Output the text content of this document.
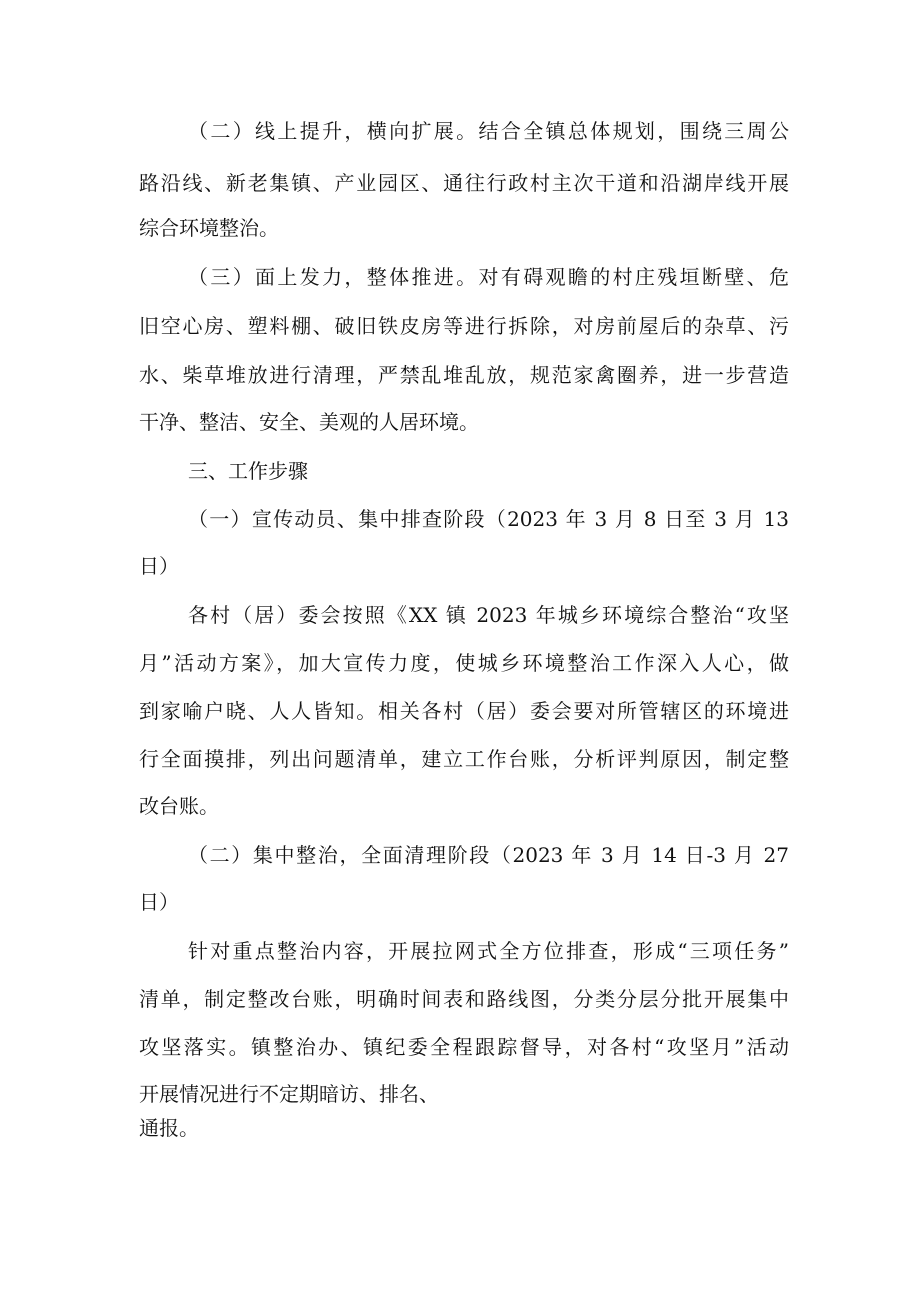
（二）线上提升，横向扩展。结合全镇总体规划，围绕三周公
路沿线、新老集镇、产业园区、通往行政村主次干道和沿湖岸线开展
综合环境整治。
（三）面上发力，整体推进。对有碍观瞻的村庄残垣断壁、危
旧空心房、塑料棚、破旧铁皮房等进行拆除，对房前屋后的杂草、污
水、柴草堆放进行清理，严禁乱堆乱放，规范家禽圈养，进一步营造
干净、整洁、安全、美观的人居环境。
三、工作步骤
（一）宣传动员、集中排查阶段（2023 年 3 月 8 日至 3 月 13
日）
各村（居）委会按照《XX 镇 2023 年城乡环境综合整治“攻坚
月”活动方案》，加大宣传力度，使城乡环境整治工作深入人心，做
到家喻户晓、人人皆知。相关各村（居）委会要对所管辖区的环境进
行全面摸排，列出问题清单，建立工作台账，分析评判原因，制定整
改台账。
（二）集中整治，全面清理阶段（2023 年 3 月 14 日-3 月 27
日）
针对重点整治内容，开展拉网式全方位排查，形成“三项任务”
清单，制定整改台账，明确时间表和路线图，分类分层分批开展集中
攻坚落实。镇整治办、镇纪委全程跟踪督导，对各村“攻坚月”活动
开展情况进行不定期暗访、排名、
通报。
